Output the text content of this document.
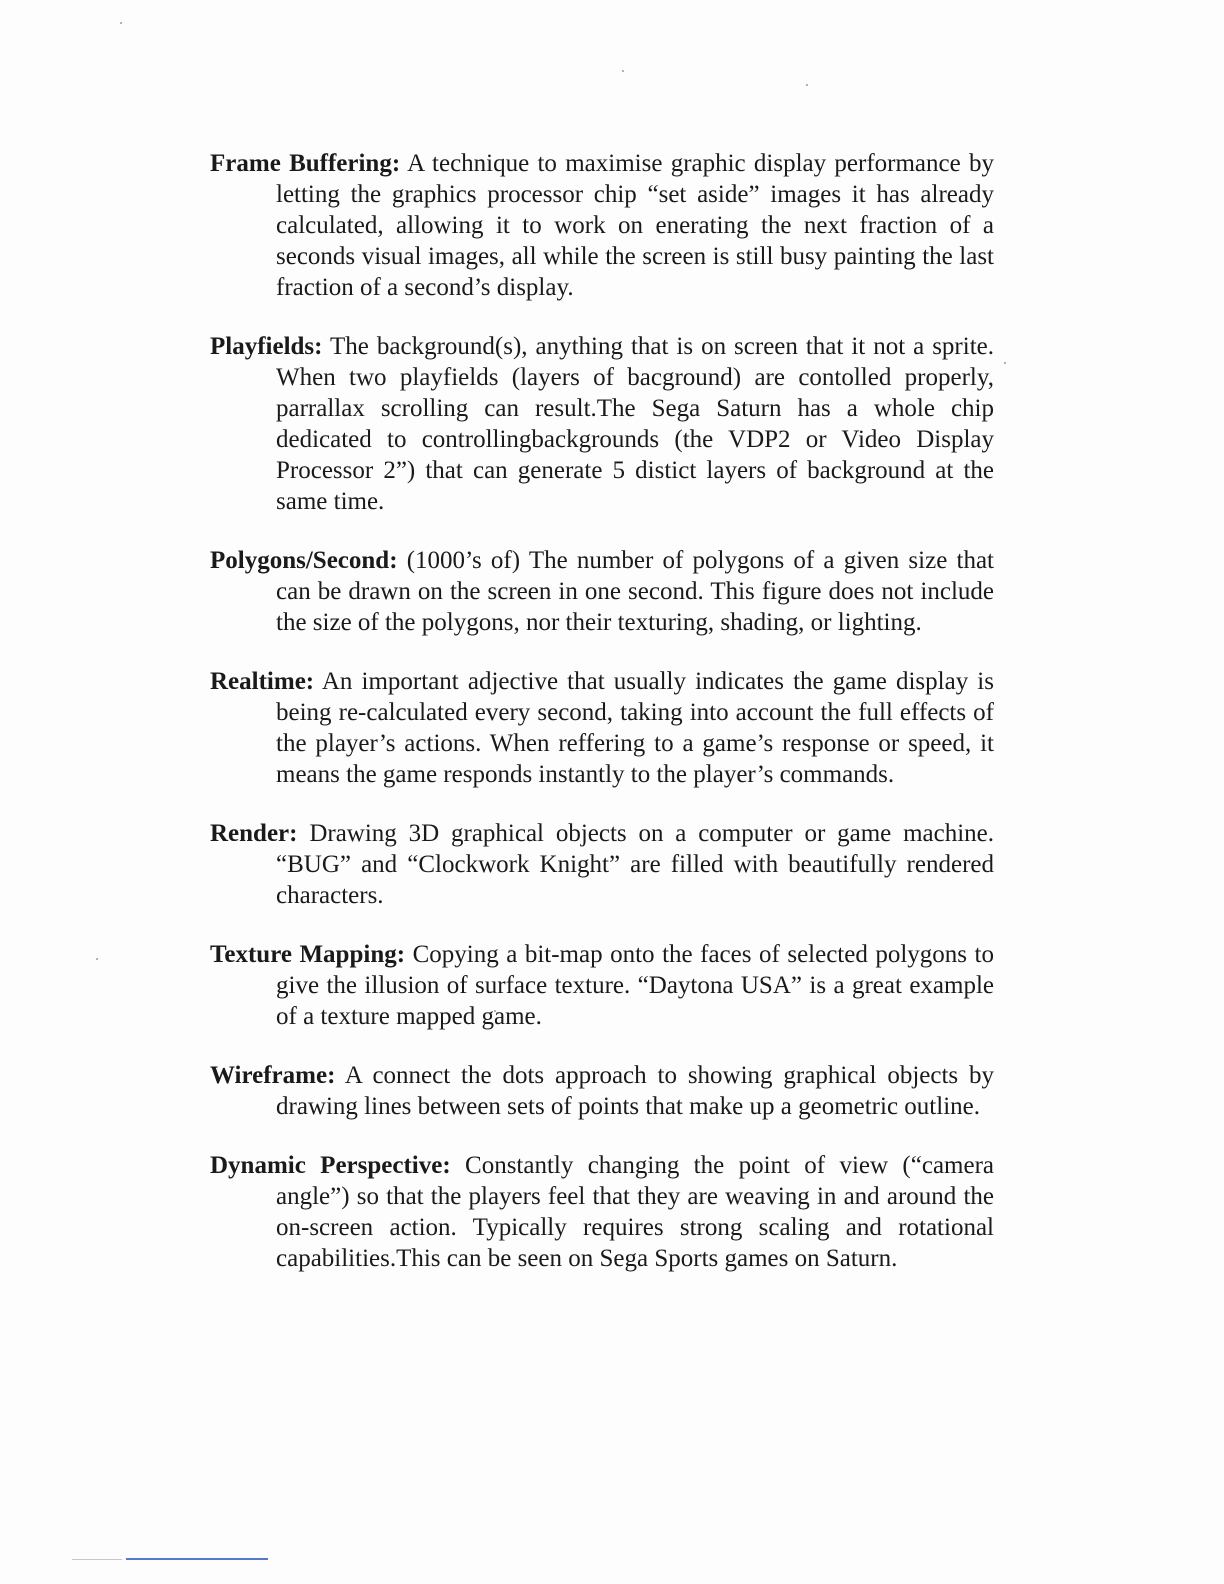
Frame Buffering: A technique to maximise graphic display performance by letting the graphics processor chip “set aside” images it has already calculated, allowing it to work on enerating the next fraction of a seconds visual images, all while the screen is still busy painting the last fraction of a second’s display.

Playfields: The background(s), anything that is on screen that it not a sprite. When two playfields (layers of bacground) are contolled properly, parrallax scrolling can result.The Sega Saturn has a whole chip dedicated to controllingbackgrounds (the VDP2 or Video Display Processor 2”) that can generate 5 distict layers of background at the same time.

Polygons/Second: (1000’s of) The number of polygons of a given size that can be drawn on the screen in one second. This figure does not include the size of the polygons, nor their texturing, shading, or lighting.

Realtime: An important adjective that usually indicates the game display is being re-calculated every second, taking into account the full effects of the player’s actions. When reffering to a game’s response or speed, it means the game responds instantly to the player’s commands.

Render: Drawing 3D graphical objects on a computer or game machine. “BUG” and “Clockwork Knight” are filled with beautifully rendered characters.

Texture Mapping: Copying a bit-map onto the faces of selected polygons to give the illusion of surface texture. “Daytona USA” is a great example of a texture mapped game.

Wireframe: A connect the dots approach to showing graphical objects by drawing lines between sets of points that make up a geometric outline.

Dynamic Perspective: Constantly changing the point of view (“camera angle”) so that the players feel that they are weaving in and around the on-screen action. Typically requires strong scaling and rotational capabilities.This can be seen on Sega Sports games on Saturn.
